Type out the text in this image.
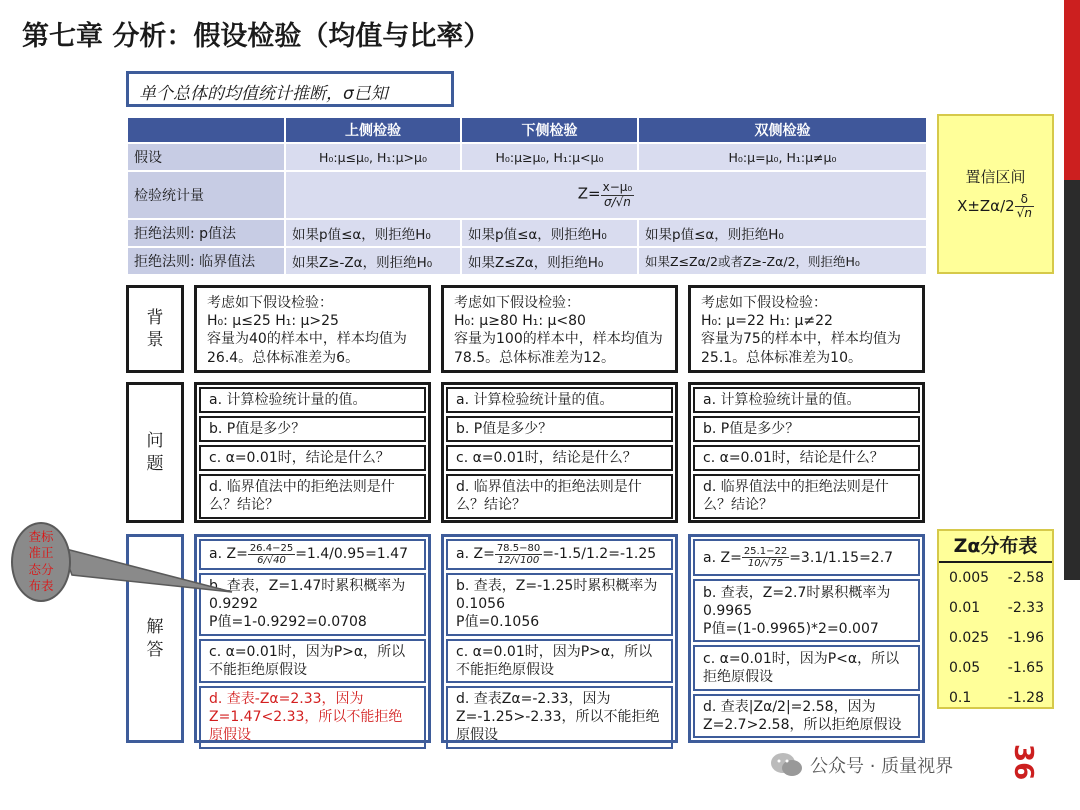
第七章 分析：假设检验（均值与比率）
单个总体的均值统计推断，σ已知
	上侧检验	下侧检验	双侧检验
假设	H₀:μ≤μ₀, H₁:μ>μ₀	H₀:μ≥μ₀, H₁:μ<μ₀	H₀:μ=μ₀, H₁:μ≠μ₀
检验统计量	$Z= \frac{\text{x−μ₀}}{\sigma/√n}$

拒绝法则: p值法	如果p值≤α，则拒绝H₀	如果p值≤α，则拒绝H₀	如果p值≤α，则拒绝H₀
拒绝法则: 临界值法	如果Z≥-Zα，则拒绝H₀	如果Z≤Zα，则拒绝H₀	如果Z≤Zα/2或者Z≥-Zα/2，则拒绝H₀
置信区间
$X\pm Z\alpha/2 \frac{\delta}{√n}$
背景
考虑如下假设检验：
H₀: μ≤25 H₁: μ>25
容量为40的样本中，样本均值为26.4。总体标准差为6。
考虑如下假设检验：
H₀: μ≥80 H₁: μ<80
容量为100的样本中，样本均值为78.5。总体标准差为12。
考虑如下假设检验：
H₀: μ=22 H₁: μ≠22
容量为75的样本中，样本均值为25.1。总体标准差为10。
问题
a. 计算检验统计量的值。
b. P值是多少？
c. α=0.01时，结论是什么？
d. 临界值法中的拒绝法则是什么？结论？
a. 计算检验统计量的值。
b. P值是多少？
c. α=0.01时，结论是什么？
d. 临界值法中的拒绝法则是什么？结论？
a. 计算检验统计量的值。
b. P值是多少？
c. α=0.01时，结论是什么？
d. 临界值法中的拒绝法则是什么？结论？
解答
a. $Z= \frac{26.4-25}{6/√40} =1.4/0.95=1.47$
b. 查表，Z=1.47时累积概率为0.9292
P值=1-0.9292=0.0708
c. α=0.01时，因为P>α，所以不能拒绝原假设
d. 查表-Zα=2.33，因为Z=1.47<2.33，所以不能拒绝原假设
a. $Z= \frac{78.5-80}{12/√100} =-1.5/1.2=-1.25$
b. 查表，Z=-1.25时累积概率为0.1056
P值=0.1056
c. α=0.01时，因为P>α，所以不能拒绝原假设
d. 查表Zα=-2.33，因为Z=-1.25>-2.33，所以不能拒绝原假设
a. $Z= \frac{25.1-22}{10/√75} =3.1/1.15=2.7$
b. 查表，Z=2.7时累积概率为0.9965
P值=(1-0.9965)*2=0.007
c. α=0.01时，因为P<α，所以拒绝原假设
d. 查表|Zα/2|=2.58，因为Z=2.7>2.58，所以拒绝原假设
Zα分布表
0.005 -2.58
0.01 -2.33
0.025 -1.96
0.05 -1.65
0.1	-1.28
查标准正态分布表
公众号 · 质量视界 36
